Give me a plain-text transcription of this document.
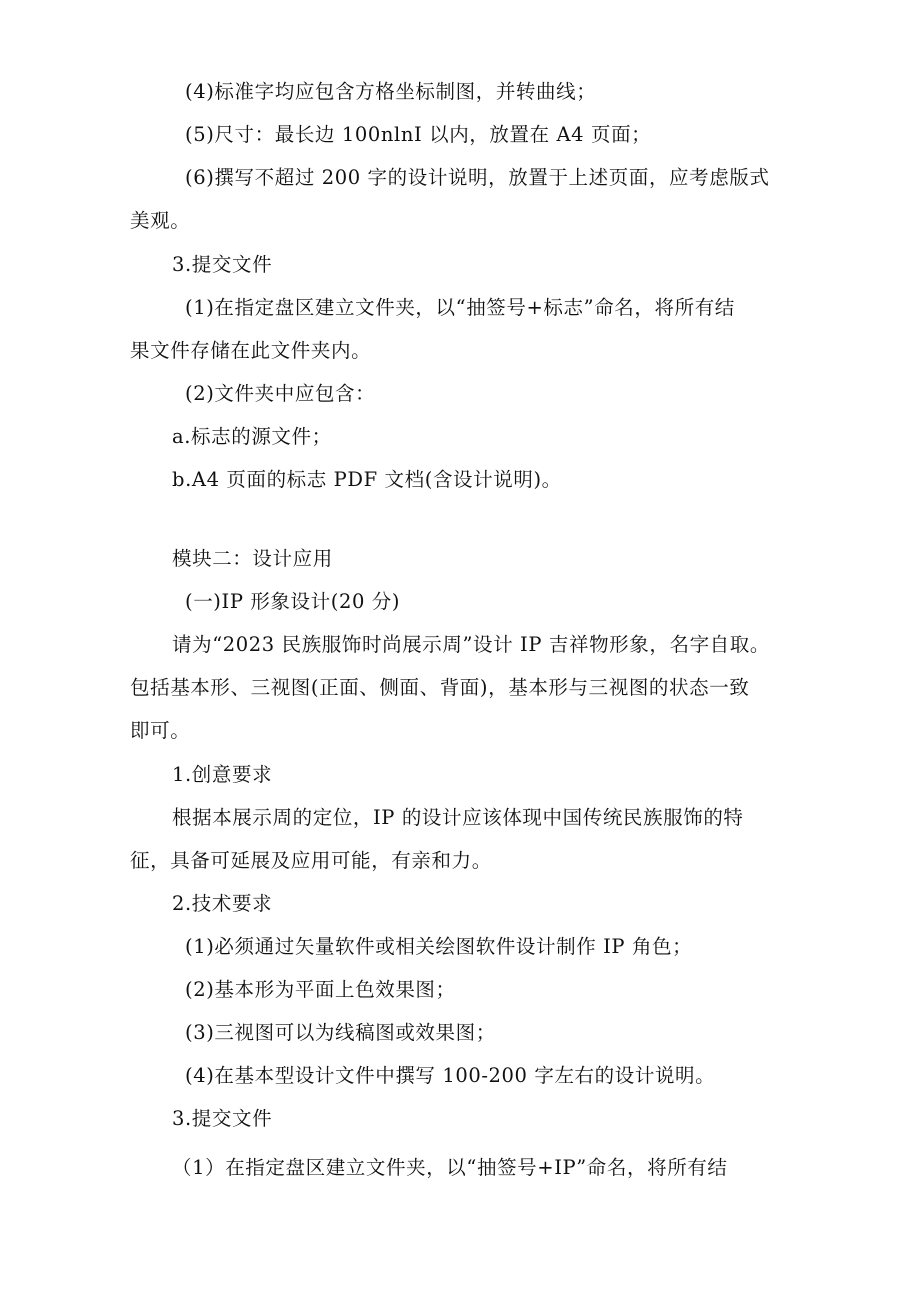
(4)标准字均应包含方格坐标制图，并转曲线；
(5)尺寸：最长边 100nlnI 以内，放置在 A4 页面；
(6)撰写不超过 200 字的设计说明，放置于上述页面，应考虑版式
美观。
3.提交文件
(1)在指定盘区建立文件夹，以“抽签号+标志”命名，将所有结
果文件存储在此文件夹内。
(2)文件夹中应包含：
a.标志的源文件；
b.A4 页面的标志 PDF 文档(含设计说明)。
模块二：设计应用
(一)IP 形象设计(20 分)
请为“2023 民族服饰时尚展示周”设计 IP 吉祥物形象，名字自取。
包括基本形、三视图(正面、侧面、背面)，基本形与三视图的状态一致
即可。
1.创意要求
根据本展示周的定位，IP 的设计应该体现中国传统民族服饰的特
征，具备可延展及应用可能，有亲和力。
2.技术要求
(1)必须通过矢量软件或相关绘图软件设计制作 IP 角色；
(2)基本形为平面上色效果图；
(3)三视图可以为线稿图或效果图；
(4)在基本型设计文件中撰写 100-200 字左右的设计说明。
3.提交文件
（1）在指定盘区建立文件夹，以“抽签号+IP”命名，将所有结
